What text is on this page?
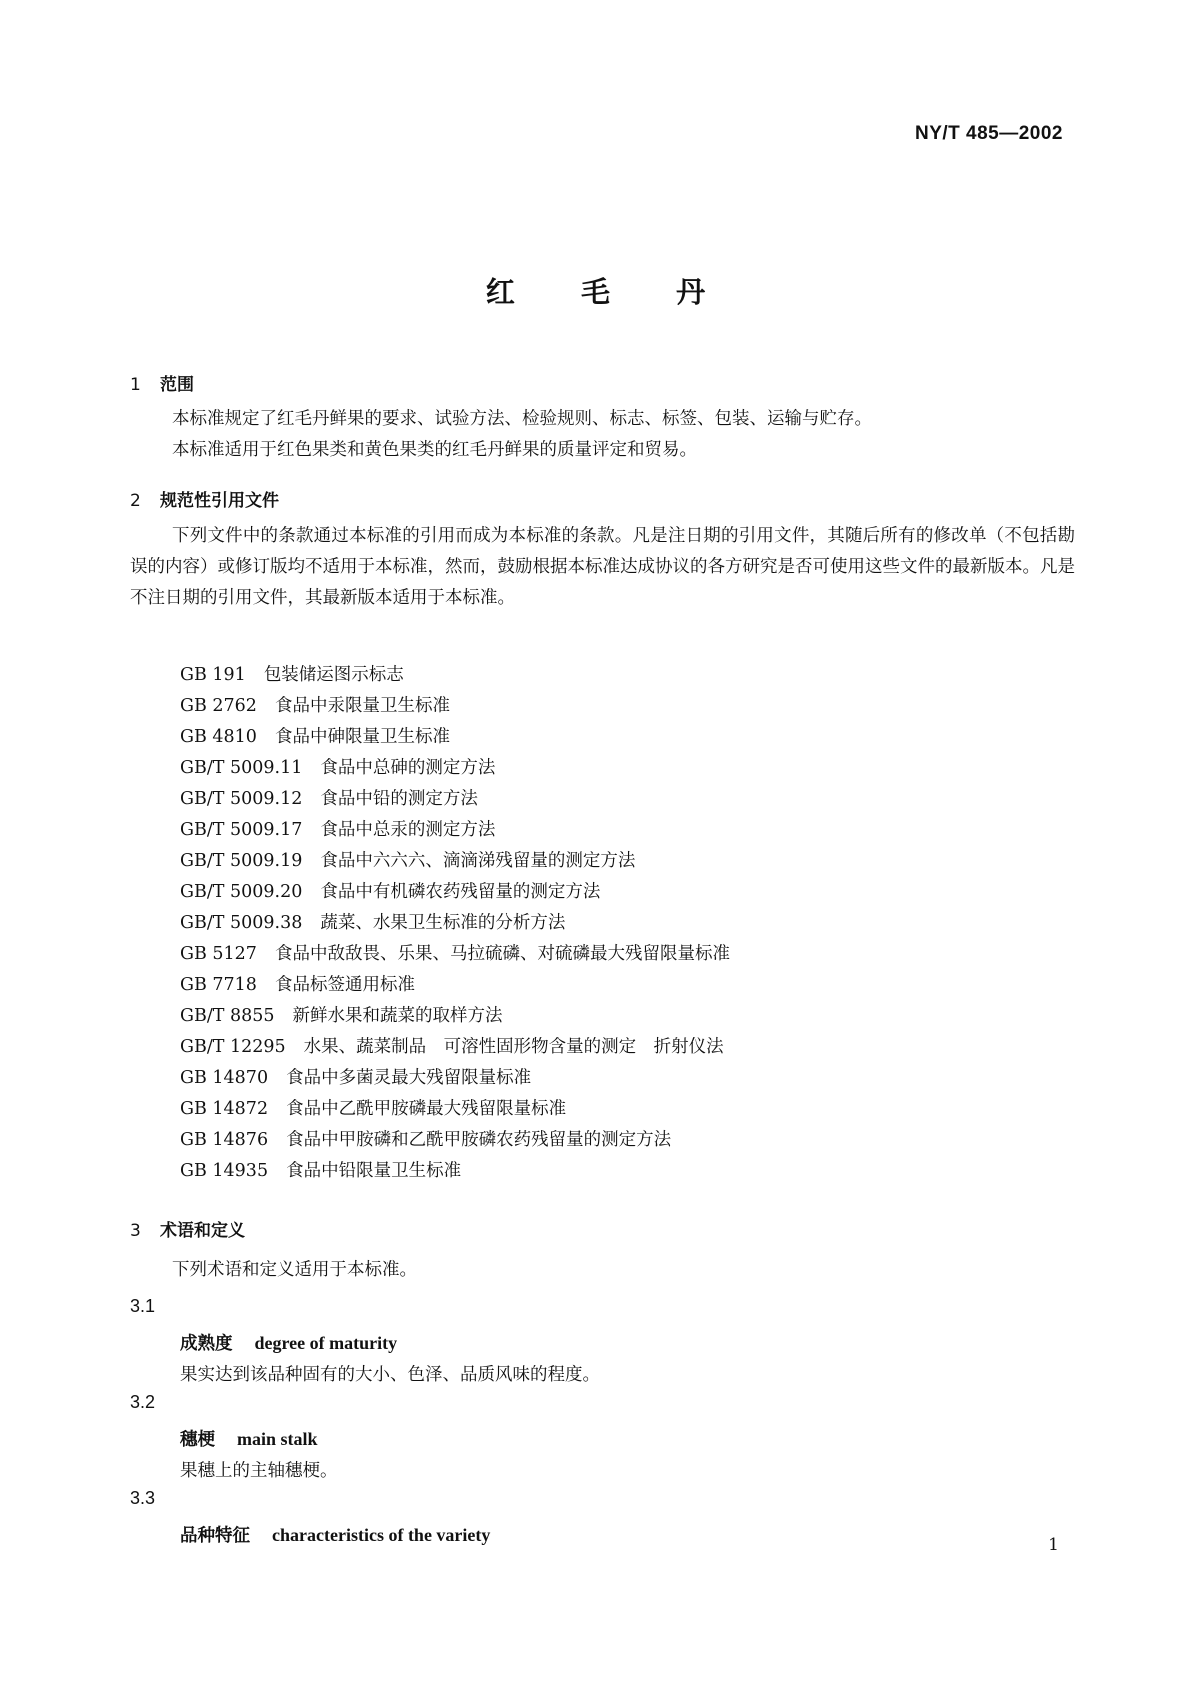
NY/T 485—2002
红 毛 丹
1 范围
本标准规定了红毛丹鲜果的要求、试验方法、检验规则、标志、标签、包装、运输与贮存。
本标准适用于红色果类和黄色果类的红毛丹鲜果的质量评定和贸易。
2 规范性引用文件
下列文件中的条款通过本标准的引用而成为本标准的条款。凡是注日期的引用文件，其随后所有的修改单（不包括勘误的内容）或修订版均不适用于本标准，然而，鼓励根据本标准达成协议的各方研究是否可使用这些文件的最新版本。凡是不注日期的引用文件，其最新版本适用于本标准。
GB 191 包装储运图示标志
GB 2762 食品中汞限量卫生标准
GB 4810 食品中砷限量卫生标准
GB/T 5009.11 食品中总砷的测定方法
GB/T 5009.12 食品中铅的测定方法
GB/T 5009.17 食品中总汞的测定方法
GB/T 5009.19 食品中六六六、滴滴涕残留量的测定方法
GB/T 5009.20 食品中有机磷农药残留量的测定方法
GB/T 5009.38 蔬菜、水果卫生标准的分析方法
GB 5127 食品中敌敌畏、乐果、马拉硫磷、对硫磷最大残留限量标准
GB 7718 食品标签通用标准
GB/T 8855 新鲜水果和蔬菜的取样方法
GB/T 12295 水果、蔬菜制品　可溶性固形物含量的测定　折射仪法
GB 14870 食品中多菌灵最大残留限量标准
GB 14872 食品中乙酰甲胺磷最大残留限量标准
GB 14876 食品中甲胺磷和乙酰甲胺磷农药残留量的测定方法
GB 14935 食品中铅限量卫生标准
3 术语和定义
下列术语和定义适用于本标准。
3.1
成熟度 degree of maturity
果实达到该品种固有的大小、色泽、品质风味的程度。
3.2
穗梗 main stalk
果穗上的主轴穗梗。
3.3
品种特征 characteristics of the variety	1
